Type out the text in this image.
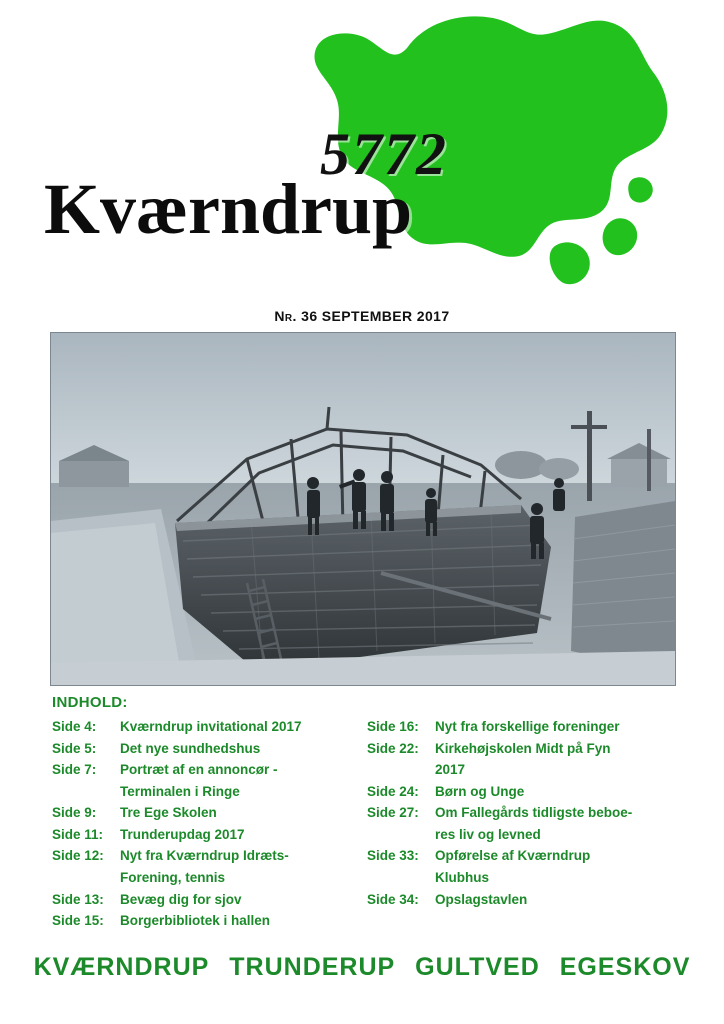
5772
Kværndrup
Nr. 36 SEPTEMBER 2017
INDHOLD:
Side 4:	Kværndrup invitational 2017
Side 5:	Det nye sundhedshus
Side 7:	Portræt af en annoncør -
Terminalen i Ringe
Side 9:	Tre Ege Skolen
Side 11:	Trunderupdag 2017
Side 12:	Nyt fra Kværndrup Idræts-
Forening, tennis
Side 13:	Bevæg dig for sjov
Side 15:	Borgerbibliotek i hallen
Side 16:	Nyt fra forskellige foreninger
Side 22:	Kirkehøjskolen Midt på Fyn
2017
Side 24:	Børn og Unge
Side 27:	Om Fallegårds tidligste beboe-
res liv og levned
Side 33:	Opførelse af Kværndrup
Klubhus
Side 34:	Opslagstavlen
KVÆRNDRUP TRUNDERUP GULTVED EGESKOV
